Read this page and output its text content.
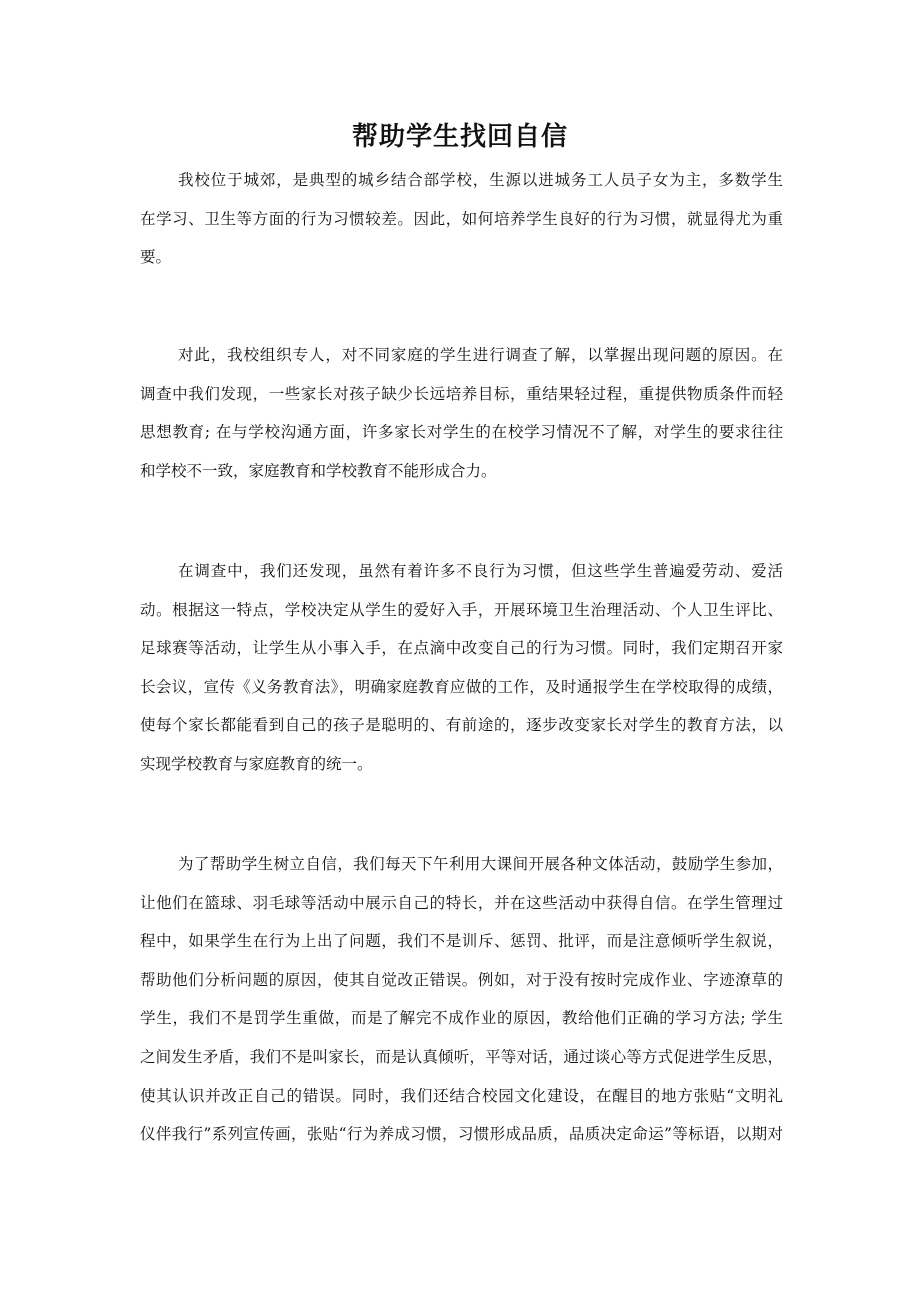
帮助学生找回自信
我校位于城郊，是典型的城乡结合部学校，生源以进城务工人员子女为主，多数学生
在学习、卫生等方面的行为习惯较差。因此，如何培养学生良好的行为习惯，就显得尤为重
要。
对此，我校组织专人，对不同家庭的学生进行调查了解，以掌握出现问题的原因。在
调查中我们发现，一些家长对孩子缺少长远培养目标，重结果轻过程，重提供物质条件而轻
思想教育; 在与学校沟通方面，许多家长对学生的在校学习情况不了解，对学生的要求往往
和学校不一致，家庭教育和学校教育不能形成合力。
在调查中，我们还发现，虽然有着许多不良行为习惯，但这些学生普遍爱劳动、爱活
动。根据这一特点，学校决定从学生的爱好入手，开展环境卫生治理活动、个人卫生评比、
足球赛等活动，让学生从小事入手，在点滴中改变自己的行为习惯。同时，我们定期召开家
长会议，宣传《义务教育法》，明确家庭教育应做的工作，及时通报学生在学校取得的成绩，
使每个家长都能看到自己的孩子是聪明的、有前途的，逐步改变家长对学生的教育方法，以
实现学校教育与家庭教育的统一。
为了帮助学生树立自信，我们每天下午利用大课间开展各种文体活动，鼓励学生参加，
让他们在篮球、羽毛球等活动中展示自己的特长，并在这些活动中获得自信。在学生管理过
程中，如果学生在行为上出了问题，我们不是训斥、惩罚、批评，而是注意倾听学生叙说，
帮助他们分析问题的原因，使其自觉改正错误。例如，对于没有按时完成作业、字迹潦草的
学生，我们不是罚学生重做，而是了解完不成作业的原因，教给他们正确的学习方法; 学生
之间发生矛盾，我们不是叫家长，而是认真倾听，平等对话，通过谈心等方式促进学生反思，
使其认识并改正自己的错误。同时，我们还结合校园文化建设，在醒目的地方张贴“文明礼
仪伴我行”系列宣传画，张贴“行为养成习惯，习惯形成品质，品质决定命运”等标语，以期对
